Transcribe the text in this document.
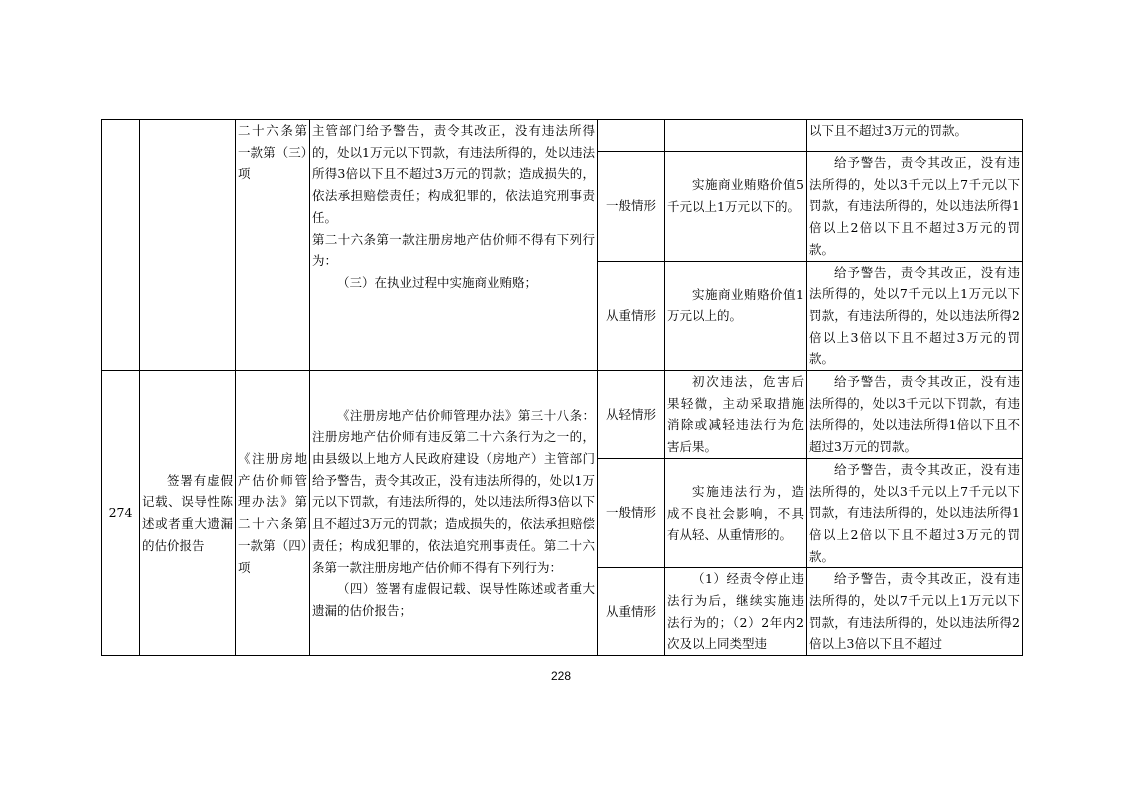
		二十六条第一款第（三）项	主管部门给予警告，责令其改正，没有违法所得的，处以1万元以下罚款，有违法所得的，处以违法所得3倍以下且不超过3万元的罚款；造成损失的，依法承担赔偿责任；构成犯罪的，依法追究刑事责任。
第二十六条第一款注册房地产估价师不得有下列行为：
（三）在执业过程中实施商业贿赂；			以下且不超过3万元的罚款。
				一般情形	实施商业贿赂价值5千元以上1万元以下的。	给予警告，责令其改正，没有违法所得的，处以3千元以上7千元以下罚款，有违法所得的，处以违法所得1倍以上2倍以下且不超过3万元的罚款。
				从重情形	实施商业贿赂价值1万元以上的。	给予警告，责令其改正，没有违法所得的，处以7千元以上1万元以下罚款，有违法所得的，处以违法所得2倍以上3倍以下且不超过3万元的罚款。
274	签署有虚假记载、误导性陈述或者重大遗漏的估价报告	《注册房地产估价师管理办法》第二十六条第一款第（四）项	《注册房地产估价师管理办法》第三十八条：注册房地产估价师有违反第二十六条行为之一的，由县级以上地方人民政府建设（房地产）主管部门给予警告，责令其改正，没有违法所得的，处以1万元以下罚款，有违法所得的，处以违法所得3倍以下且不超过3万元的罚款；造成损失的，依法承担赔偿责任；构成犯罪的，依法追究刑事责任。第二十六条第一款注册房地产估价师不得有下列行为：
（四）签署有虚假记载、误导性陈述或者重大遗漏的估价报告；	从轻情形	初次违法，危害后果轻微，主动采取措施消除或减轻违法行为危害后果。	给予警告，责令其改正，没有违法所得的，处以3千元以下罚款，有违法所得的，处以违法所得1倍以下且不超过3万元的罚款。
				一般情形	实施违法行为，造成不良社会影响，不具有从轻、从重情形的。	给予警告，责令其改正，没有违法所得的，处以3千元以上7千元以下罚款，有违法所得的，处以违法所得1倍以上2倍以下且不超过3万元的罚款。
				从重情形	（1）经责令停止违法行为后，继续实施违法行为的；（2）2年内2次及以上同类型违	给予警告，责令其改正，没有违法所得的，处以7千元以上1万元以下罚款，有违法所得的，处以违法所得2倍以上3倍以下且不超过
228
